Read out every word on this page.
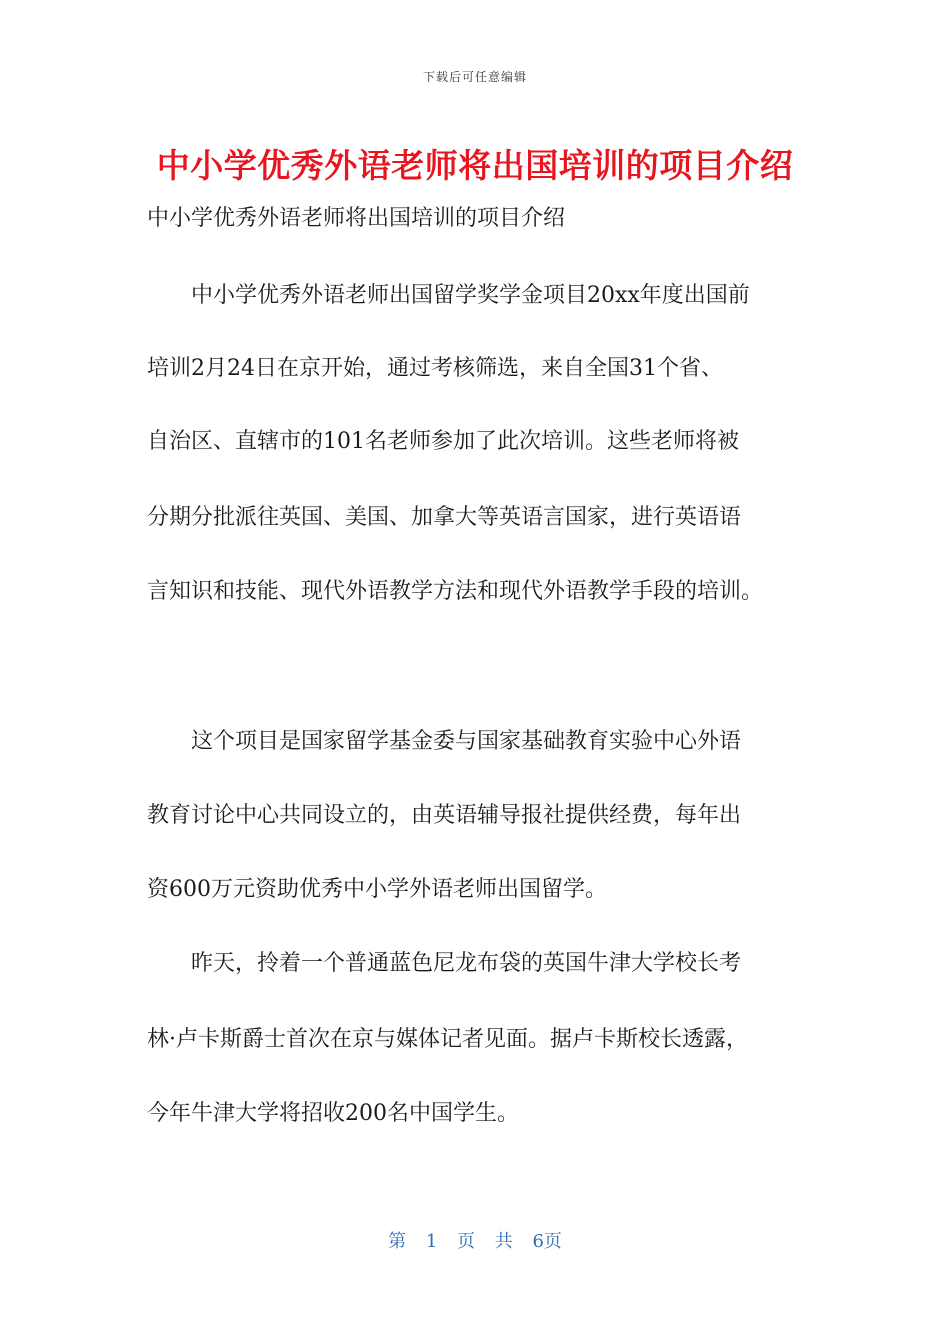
下载后可任意编辑
中小学优秀外语老师将出国培训的项目介绍

中小学优秀外语老师将出国培训的项目介绍

　　中小学优秀外语老师出国留学奖学金项目20xx年度出国前

培训2月24日在京开始，通过考核筛选，来自全国31个省、

自治区、直辖市的101名老师参加了此次培训。这些老师将被

分期分批派往英国、美国、加拿大等英语言国家，进行英语语

言知识和技能、现代外语教学方法和现代外语教学手段的培训。

　　这个项目是国家留学基金委与国家基础教育实验中心外语

教育讨论中心共同设立的，由英语辅导报社提供经费，每年出

资600万元资助优秀中小学外语老师出国留学。

　　昨天，拎着一个普通蓝色尼龙布袋的英国牛津大学校长考

林·卢卡斯爵士首次在京与媒体记者见面。据卢卡斯校长透露，

今年牛津大学将招收200名中国学生。

第 1 页 共 6页
